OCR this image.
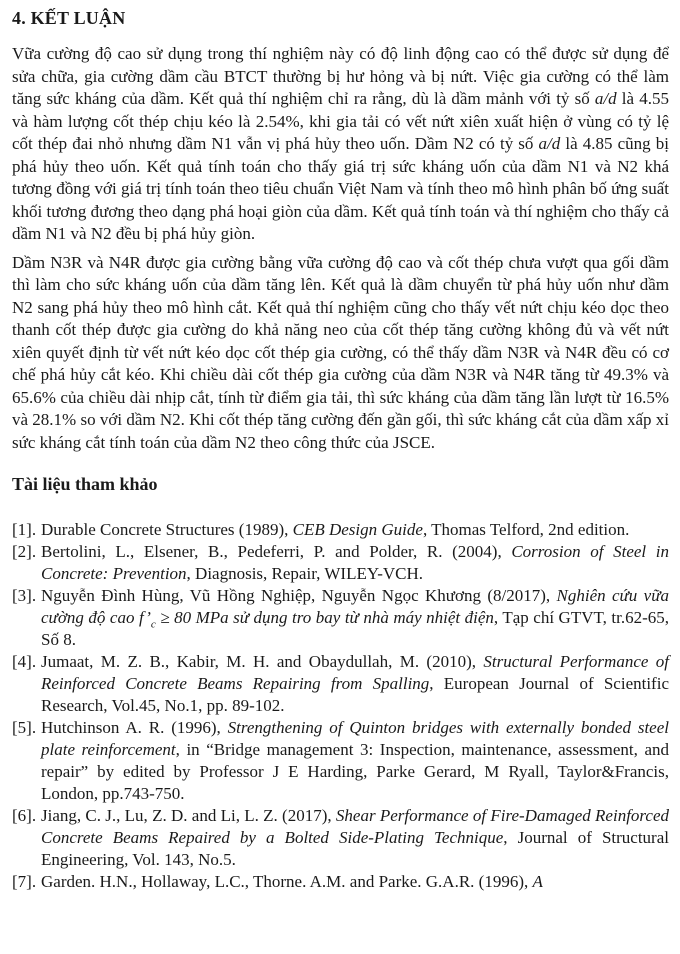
4. KẾT LUẬN

Vữa cường độ cao sử dụng trong thí nghiệm này có độ linh động cao có thể được sử dụng để sửa chữa, gia cường dầm cầu BTCT thường bị hư hỏng và bị nứt. Việc gia cường có thể làm tăng sức kháng của dầm. Kết quả thí nghiệm chỉ ra rằng, dù là dầm mảnh với tỷ số a/d là 4.55 và hàm lượng cốt thép chịu kéo là 2.54%, khi gia tải có vết nứt xiên xuất hiện ở vùng có tỷ lệ cốt thép đai nhỏ nhưng dầm N1 vẫn vị phá hủy theo uốn. Dầm N2 có tỷ số a/d là 4.85 cũng bị phá hủy theo uốn. Kết quả tính toán cho thấy giá trị sức kháng uốn của dầm N1 và N2 khá tương đồng với giá trị tính toán theo tiêu chuẩn Việt Nam và tính theo mô hình phân bố ứng suất khối tương đương theo dạng phá hoại giòn của dầm. Kết quả tính toán và thí nghiệm cho thấy cả dầm N1 và N2 đều bị phá hủy giòn.

Dầm N3R và N4R được gia cường bằng vữa cường độ cao và cốt thép chưa vượt qua gối dầm thì làm cho sức kháng uốn của dầm tăng lên. Kết quả là dầm chuyển từ phá hủy uốn như dầm N2 sang phá hủy theo mô hình cắt. Kết quả thí nghiệm cũng cho thấy vết nứt chịu kéo dọc theo thanh cốt thép được gia cường do khả năng neo của cốt thép tăng cường không đủ và vết nứt xiên quyết định từ vết nứt kéo dọc cốt thép gia cường, có thể thấy dầm N3R và N4R đều có cơ chế phá hủy cắt kéo. Khi chiều dài cốt thép gia cường của dầm N3R và N4R tăng từ 49.3% và 65.6% của chiều dài nhịp cắt, tính từ điểm gia tải, thì sức kháng của dầm tăng lần lượt từ 16.5% và 28.1% so với dầm N2. Khi cốt thép tăng cường đến gần gối, thì sức kháng cắt của dầm xấp xỉ sức kháng cắt tính toán của dầm N2 theo công thức của JSCE.

Tài liệu tham khảo
[1]. Durable Concrete Structures (1989), CEB Design Guide, Thomas Telford, 2nd edition.
[2]. Bertolini, L., Elsener, B., Pedeferri, P. and Polder, R. (2004), Corrosion of Steel in Concrete: Prevention, Diagnosis, Repair, WILEY-VCH.
[3]. Nguyễn Đình Hùng, Vũ Hồng Nghiệp, Nguyễn Ngọc Khương (8/2017), Nghiên cứu vữa cường độ cao $f’_c \ge 80$ MPa sử dụng tro bay từ nhà máy nhiệt điện, Tạp chí GTVT, tr.62-65, Số 8.
[4]. Jumaat, M. Z. B., Kabir, M. H. and Obaydullah, M. (2010), Structural Performance of Reinforced Concrete Beams Repairing from Spalling, European Journal of Scientific Research, Vol.45, No.1, pp. 89-102.
[5]. Hutchinson A. R. (1996), Strengthening of Quinton bridges with externally bonded steel plate reinforcement, in “Bridge management 3: Inspection, maintenance, assessment, and repair” by edited by Professor J E Harding, Parke Gerard, M Ryall, Taylor&Francis, London, pp.743-750.
[6]. Jiang, C. J., Lu, Z. D. and Li, L. Z. (2017), Shear Performance of Fire-Damaged Reinforced Concrete Beams Repaired by a Bolted Side-Plating Technique, Journal of Structural Engineering, Vol. 143, No.5.
[7]. Garden. H.N., Hollaway, L.C., Thorne. A.M. and Parke. G.A.R. (1996), A
